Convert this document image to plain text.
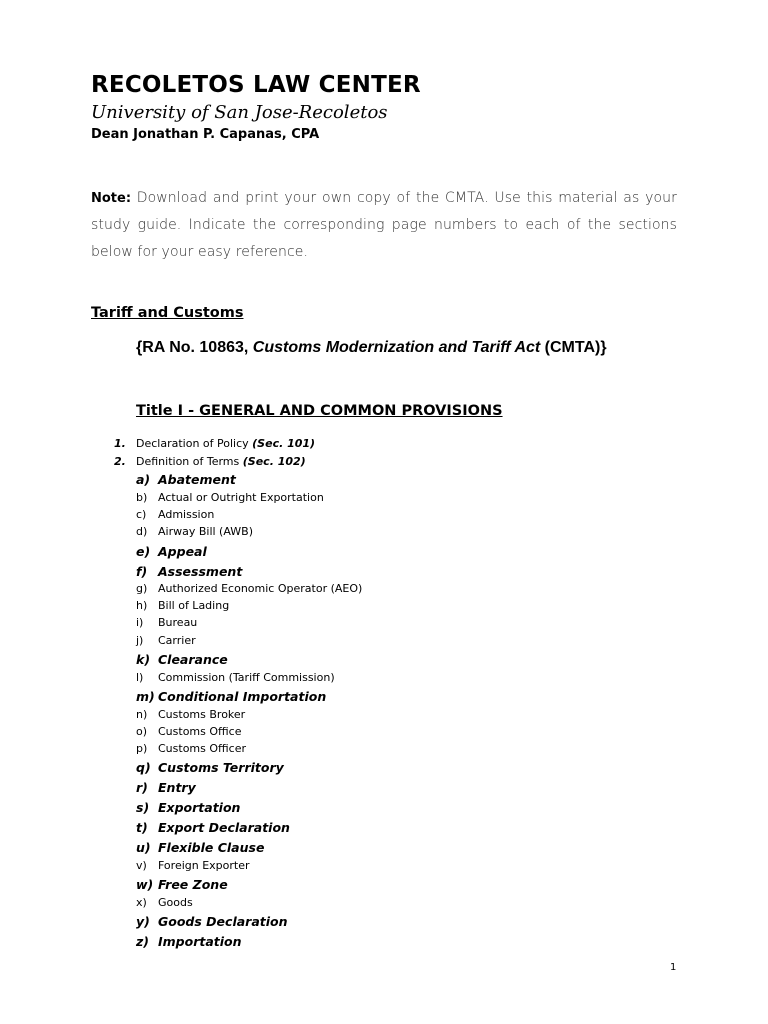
RECOLETOS LAW CENTER
University of San Jose-Recoletos
Dean Jonathan P. Capanas, CPA
Note: Download and print your own copy of the CMTA. Use this material as your study guide. Indicate the corresponding page numbers to each of the sections below for your easy reference.
Tariff and Customs
{RA No. 10863, Customs Modernization and Tariff Act (CMTA)}
Title I - GENERAL AND COMMON PROVISIONS
1. Declaration of Policy (Sec. 101)
2. Definition of Terms (Sec. 102)
a) Abatement
b) Actual or Outright Exportation
c) Admission
d) Airway Bill (AWB)
e) Appeal
f) Assessment
g) Authorized Economic Operator (AEO)
h) Bill of Lading
i) Bureau
j) Carrier
k) Clearance
l) Commission (Tariff Commission)
m) Conditional Importation
n) Customs Broker
o) Customs Office
p) Customs Officer
q) Customs Territory
r) Entry
s) Exportation
t) Export Declaration
u) Flexible Clause
v) Foreign Exporter
w) Free Zone
x) Goods
y) Goods Declaration
z) Importation
1
